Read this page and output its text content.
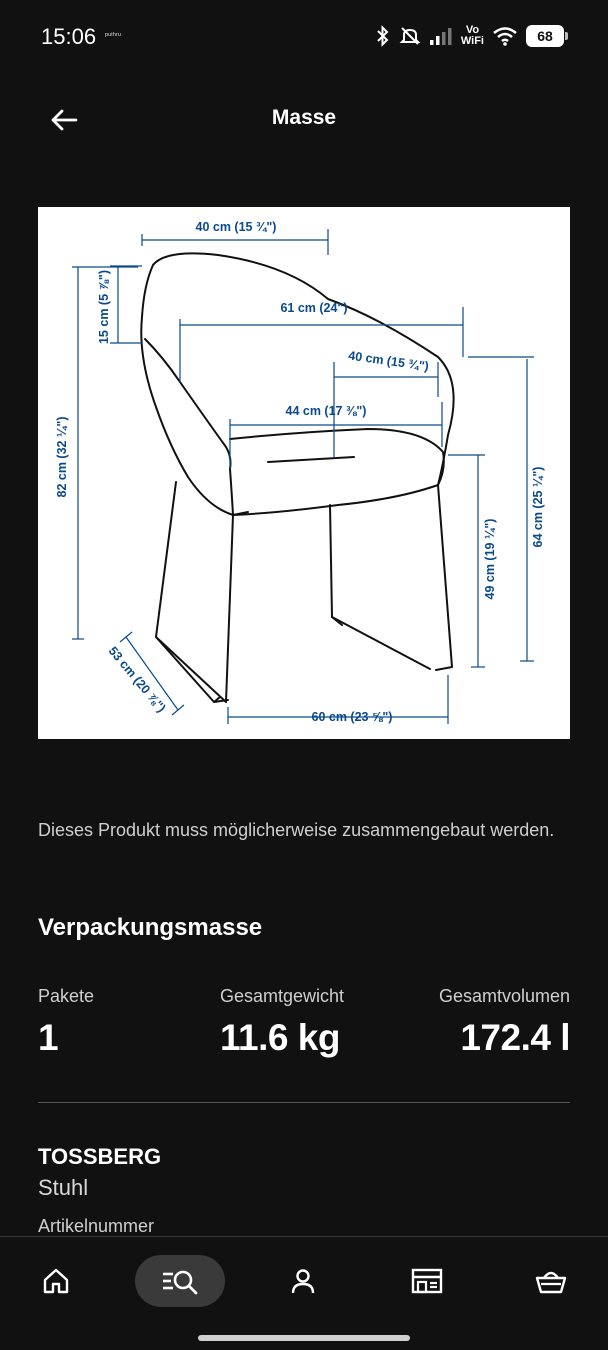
15:06 ᵖᵘᵗʰʳᵘ	Vo
WiFi	68
Masse
40 cm (15 ¾")
61 cm (24")
40 cm (15 ¾")
44 cm (17 ⅜")
15 cm (5 ⅞")
82 cm (32 ¼")
64 cm (25 ¼")
49 cm (19 ¼")
53 cm (20 ⅞")
60 cm (23 ⅝")
Dieses Produkt muss möglicherweise zusammengebaut werden.
Verpackungsmasse
Pakete
1
Gesamtgewicht
11.6 kg
Gesamtvolumen
172.4 l
TOSSBERG
Stuhl
Artikelnummer
